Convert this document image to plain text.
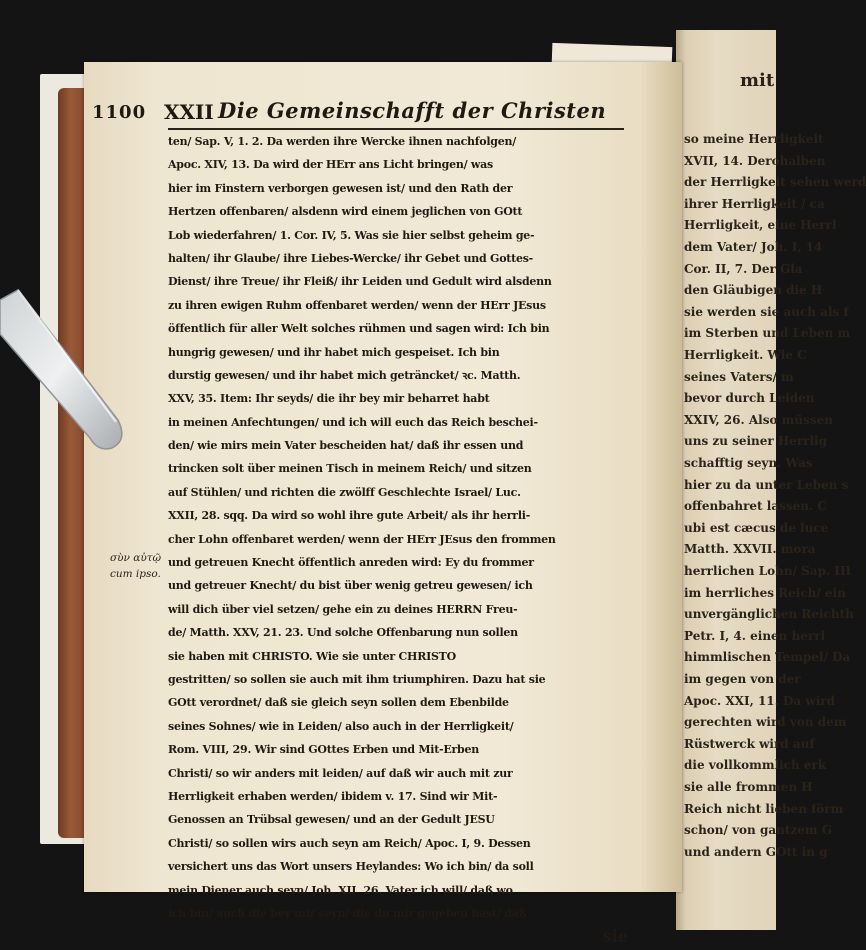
mit
so meine Herrligkeit
XVII, 14. Derohalben
der Herrligkeit sehen werd
ihrer Herrligkeit / ca
Herrligkeit, eine Herrl
dem Vater/ Joh. I, 14
Cor. II, 7. Der Gla
den Gläubigen die H
sie werden sie auch als f
im Sterben und Leben m
Herrligkeit. Wie C
seines Vaters/ m
bevor durch Leiden
XXIV, 26. Also müssen
uns zu seiner Herrlig
schafftig seyn. Was
hier zu da unter Leben s
offenbahret lassen. C
ubi est cæcus de luce
Matth. XXVII. mora
herrlichen Lohn/ Sap. III
im herrliches Reich/ ein
unvergänglichen Reichth
Petr. I, 4. einen herrl
himmlischen Tempel/ Da
im gegen von der
Apoc. XXI, 11. Da wird
gerechten wird von dem
Rüstwerck wird auf
die vollkommlich erk
sie alle frommen H
Reich nicht lieben förm
schon/ von gantzem G
und andern GOtt in g
1100 XXII Die Gemeinschafft der Christen
ten/ Sap. V, 1. 2. Da werden ihre Wercke ihnen nachfolgen/
Apoc. XIV, 13. Da wird der HErr ans Licht bringen/ was
hier im Finstern verborgen gewesen ist/ und den Rath der
Hertzen offenbaren/ alsdenn wird einem jeglichen von GOtt
Lob wiederfahren/ 1. Cor. IV, 5. Was sie hier selbst geheim ge-
halten/ ihr Glaube/ ihre Liebes-Wercke/ ihr Gebet und Gottes-
Dienst/ ihre Treue/ ihr Fleiß/ ihr Leiden und Gedult wird alsdenn
zu ihren ewigen Ruhm offenbaret werden/ wenn der HErr JEsus
öffentlich für aller Welt solches rühmen und sagen wird: Ich bin
hungrig gewesen/ und ihr habet mich gespeiset. Ich bin
durstig gewesen/ und ihr habet mich geträncket/ ꝛc. Matth.
XXV, 35. Item: Ihr seyds/ die ihr bey mir beharret habt
in meinen Anfechtungen/ und ich will euch das Reich beschei-
den/ wie mirs mein Vater bescheiden hat/ daß ihr essen und
trincken solt über meinen Tisch in meinem Reich/ und sitzen
auf Stühlen/ und richten die zwölff Geschlechte Israel/ Luc.
XXII, 28. sqq. Da wird so wohl ihre gute Arbeit/ als ihr herrli-
cher Lohn offenbaret werden/ wenn der HErr JEsus den frommen
und getreuen Knecht öffentlich anreden wird: Ey du frommer
und getreuer Knecht/ du bist über wenig getreu gewesen/ ich
will dich über viel setzen/ gehe ein zu deines HERRN Freu-
de/ Matth. XXV, 21. 23. Und solche Offenbarung nun sollen
sie haben mit CHRISTO. Wie sie unter CHRISTO
gestritten/ so sollen sie auch mit ihm triumphiren. Dazu hat sie
GOtt verordnet/ daß sie gleich seyn sollen dem Ebenbilde
seines Sohnes/ wie in Leiden/ also auch in der Herrligkeit/
Rom. VIII, 29. Wir sind GOttes Erben und Mit-Erben
Christi/ so wir anders mit leiden/ auf daß wir auch mit zur
Herrligkeit erhaben werden/ ibidem v. 17. Sind wir Mit-
Genossen an Trübsal gewesen/ und an der Gedult JESU
Christi/ so sollen wirs auch seyn am Reich/ Apoc. I, 9. Dessen
versichert uns das Wort unsers Heylandes: Wo ich bin/ da soll
mein Diener auch seyn/ Joh. XII, 26. Vater ich will/ daß wo
ich bin/ auch die bey mir seyn/ die du mir gegeben hast/ daß
sie
σὺν αὐτῷ
cum ipso.
